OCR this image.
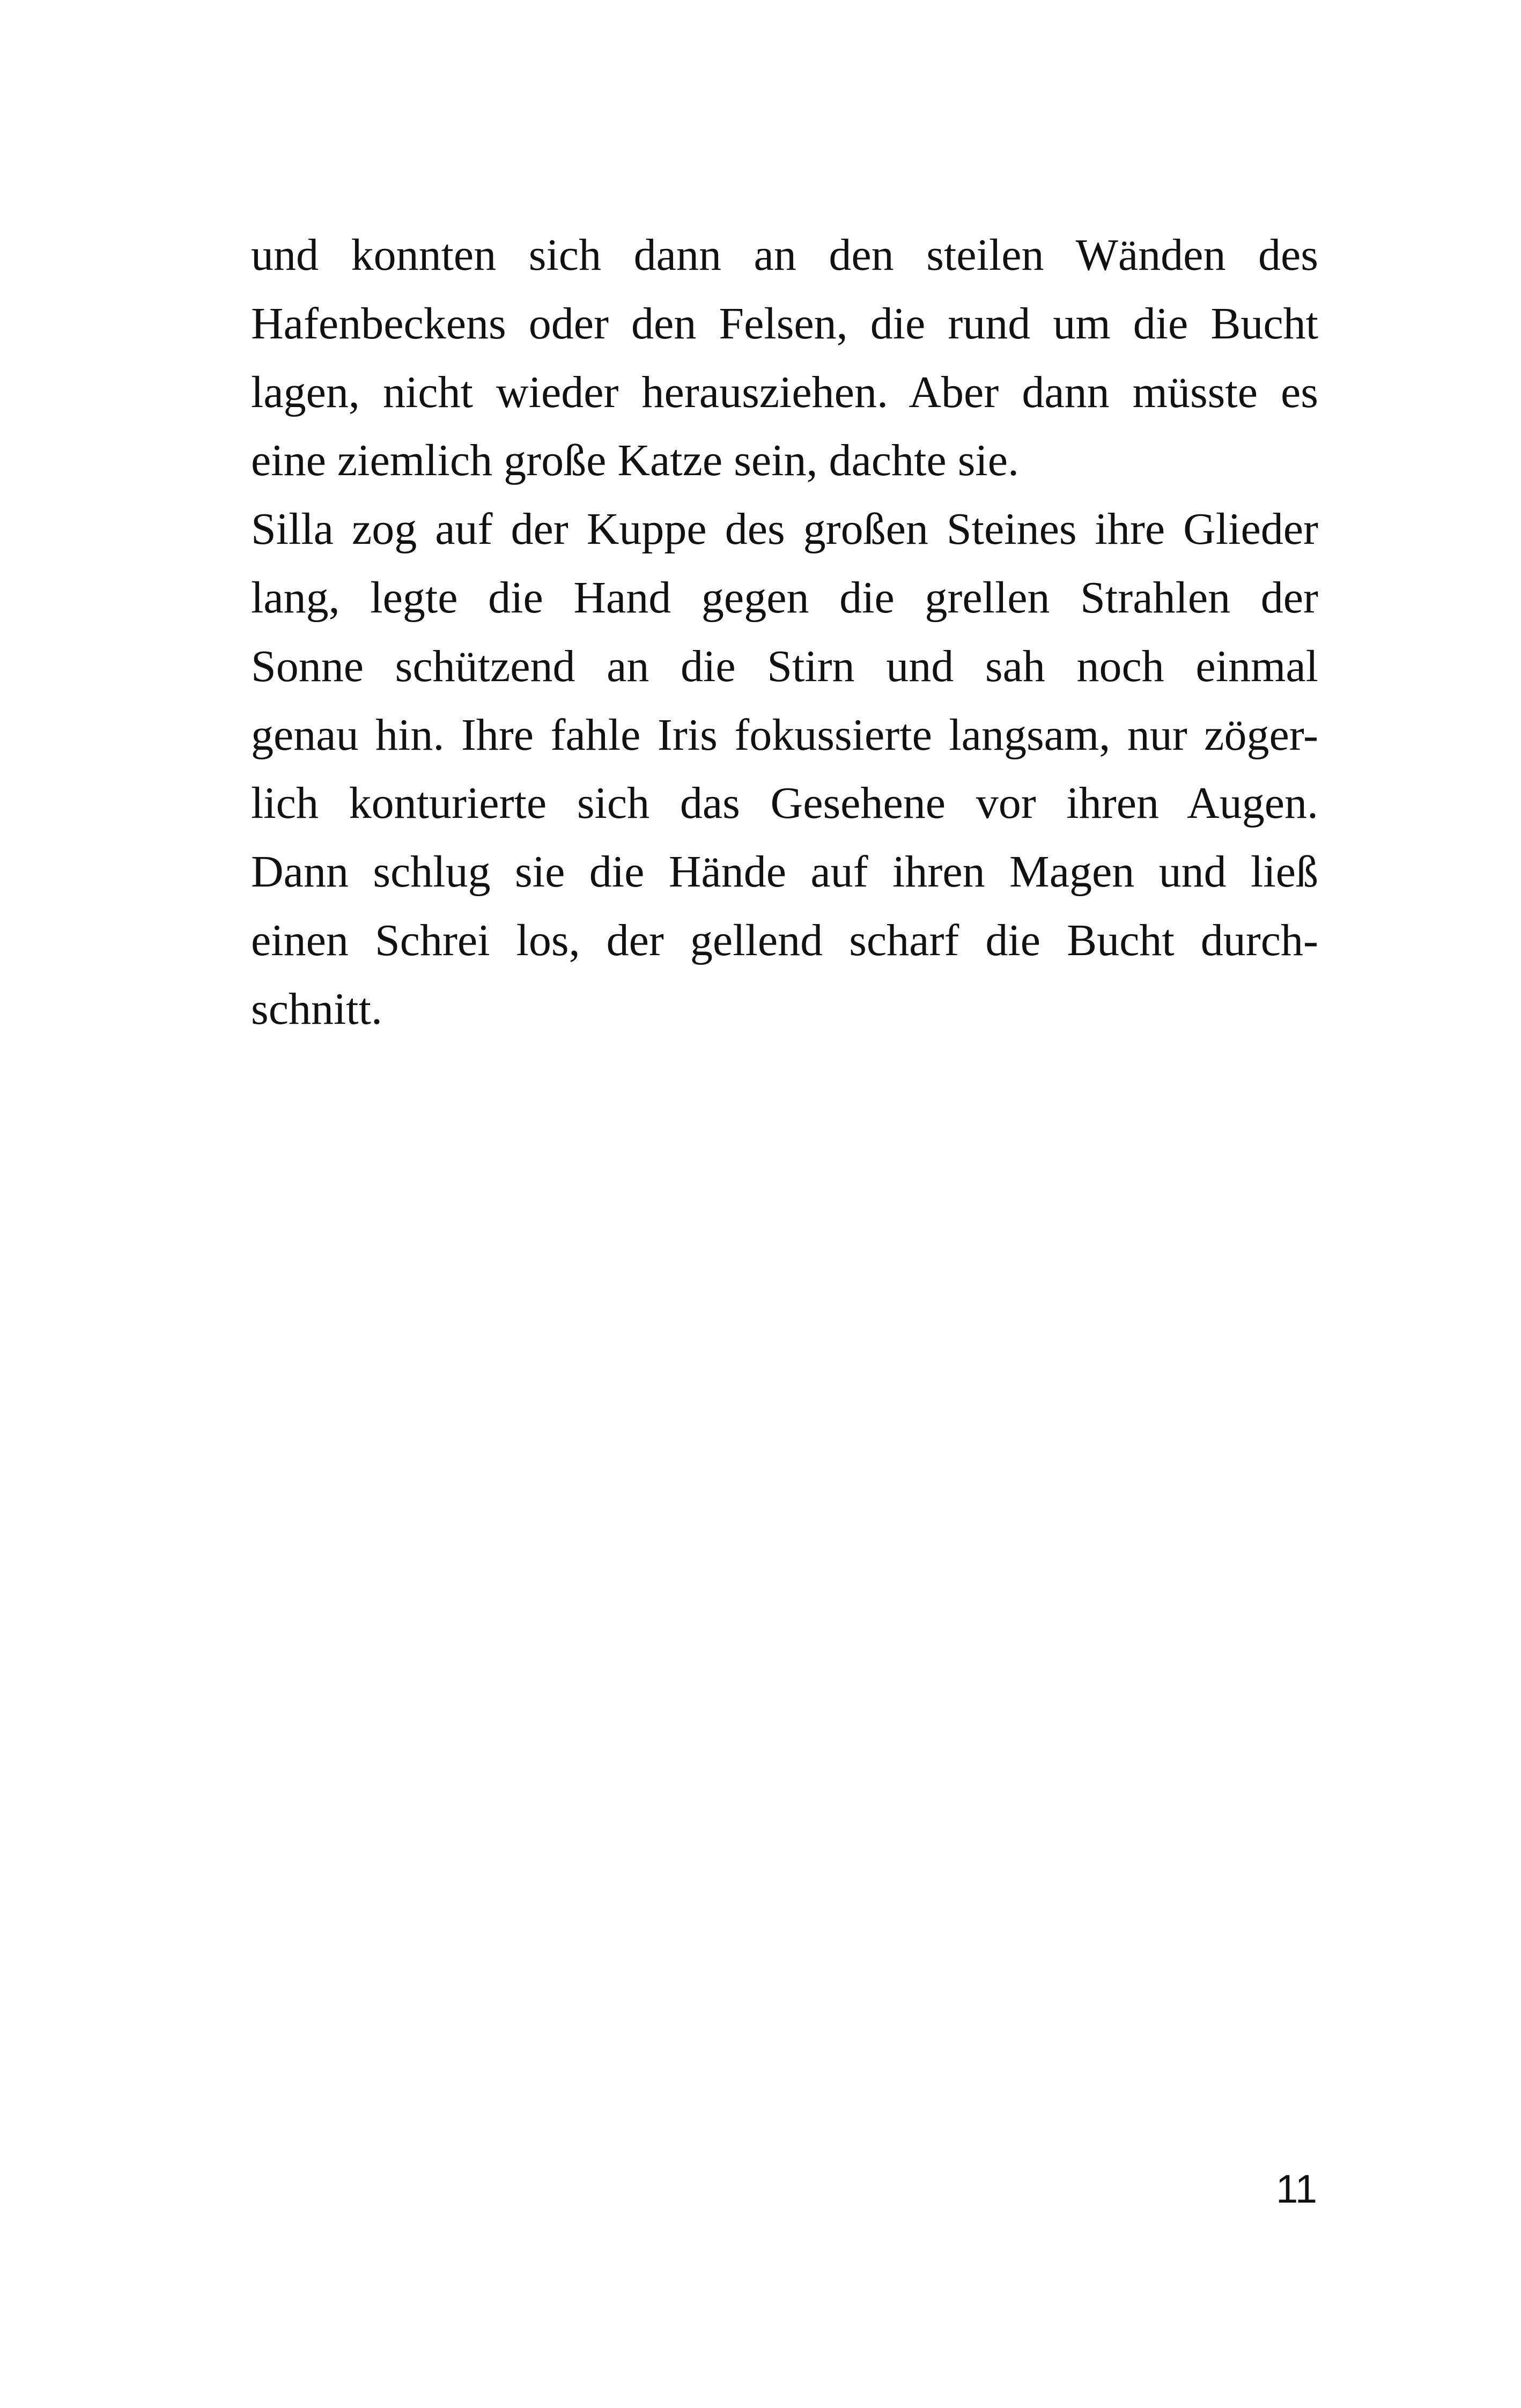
und konnten sich dann an den steilen Wänden des
Hafenbeckens oder den Felsen, die rund um die Bucht
lagen, nicht wieder herausziehen. Aber dann müsste es
eine ziemlich große Katze sein, dachte sie.
Silla zog auf der Kuppe des großen Steines ihre Glieder
lang, legte die Hand gegen die grellen Strahlen der
Sonne schützend an die Stirn und sah noch einmal
genau hin. Ihre fahle Iris fokussierte langsam, nur zöger-
lich konturierte sich das Gesehene vor ihren Augen.
Dann schlug sie die Hände auf ihren Magen und ließ
einen Schrei los, der gellend scharf die Bucht durch-
schnitt.
11
